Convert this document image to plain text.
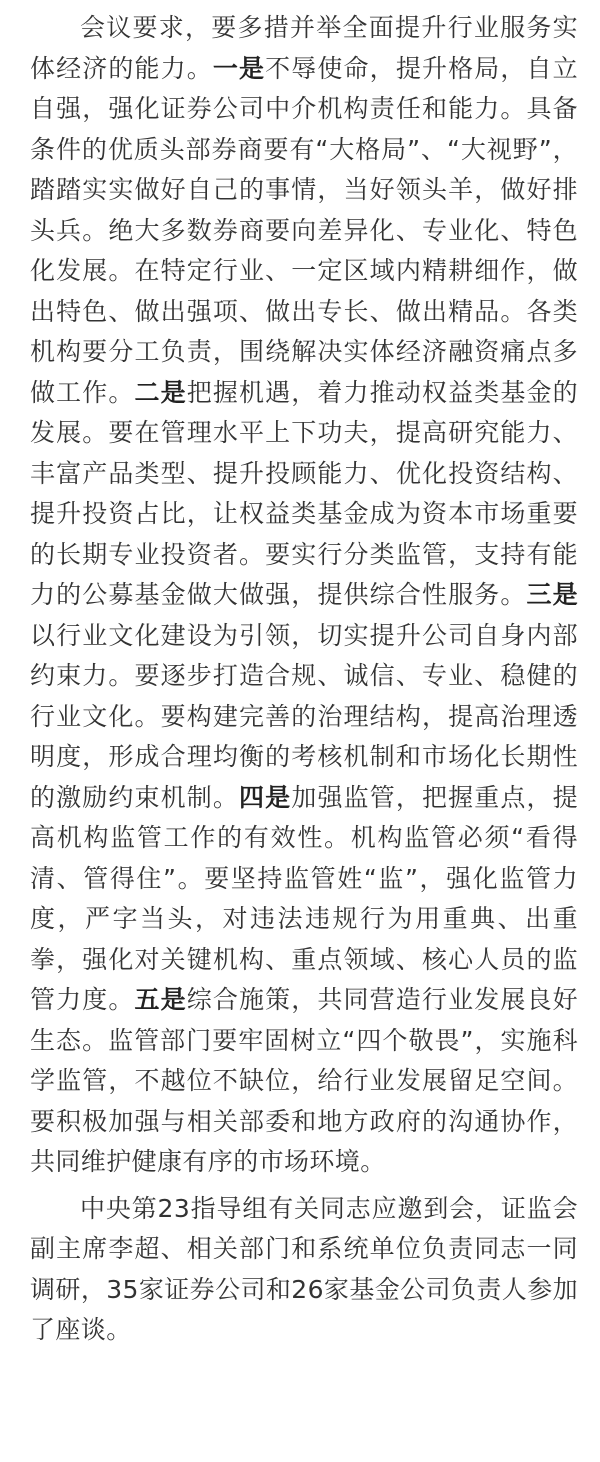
会议要求，要多措并举全面提升行业服务实体经济的能力。一是不辱使命，提升格局，自立自强，强化证券公司中介机构责任和能力。具备条件的优质头部券商要有“大格局”、“大视野”，踏踏实实做好自己的事情，当好领头羊，做好排头兵。绝大多数券商要向差异化、专业化、特色化发展。在特定行业、一定区域内精耕细作，做出特色、做出强项、做出专长、做出精品。各类机构要分工负责，围绕解决实体经济融资痛点多做工作。二是把握机遇，着力推动权益类基金的发展。要在管理水平上下功夫，提高研究能力、丰富产品类型、提升投顾能力、优化投资结构、提升投资占比，让权益类基金成为资本市场重要的长期专业投资者。要实行分类监管，支持有能力的公募基金做大做强，提供综合性服务。三是以行业文化建设为引领，切实提升公司自身内部约束力。要逐步打造合规、诚信、专业、稳健的行业文化。要构建完善的治理结构，提高治理透明度，形成合理均衡的考核机制和市场化长期性的激励约束机制。四是加强监管，把握重点，提高机构监管工作的有效性。机构监管必须“看得清、管得住”。要坚持监管姓“监”，强化监管力度，严字当头，对违法违规行为用重典、出重拳，强化对关键机构、重点领域、核心人员的监管力度。五是综合施策，共同营造行业发展良好生态。监管部门要牢固树立“四个敬畏”，实施科学监管，不越位不缺位，给行业发展留足空间。要积极加强与相关部委和地方政府的沟通协作，共同维护健康有序的市场环境。

中央第23指导组有关同志应邀到会，证监会副主席李超、相关部门和系统单位负责同志一同调研，35家证券公司和26家基金公司负责人参加了座谈。
